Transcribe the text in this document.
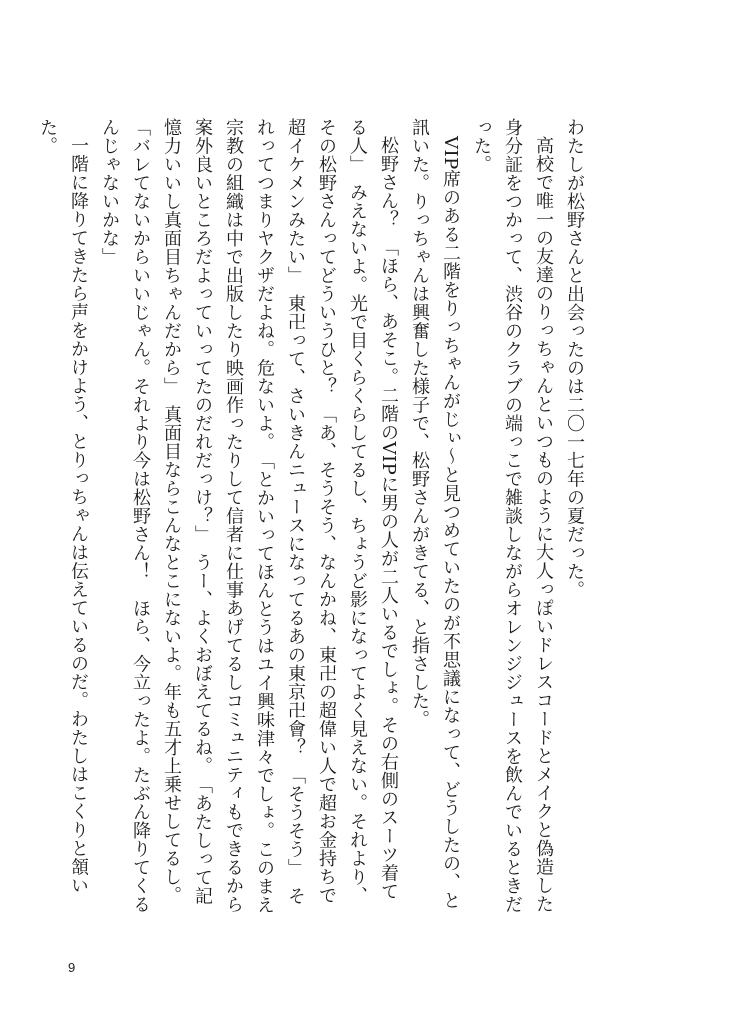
わたしが松野さんと出会ったのは二〇一七年の夏だった。

高校で唯一の友達のりっちゃんといつものように大人っぽいドレスコードとメイクと偽造した身分証をつかって、渋谷のクラブの端っこで雑談しながらオレンジジュースを飲んでいるときだった。

VIP席のある二階をりっちゃんがじぃ〜と見つめていたのが不思議になって、どうしたの、と訊いた。りっちゃんは興奮した様子で、松野さんがきてる、と指さした。

松野さん？　「ほら、あそこ。二階のVIPに男の人が二人いるでしょ。その右側のスーツ着てる人」　みえないよ。光で目くらくらしてるし、ちょうど影になってよく見えない。それより、その松野さんってどういうひと？　「あ、そうそう、なんかね、東卍の超偉い人で超お金持ちで超イケメンみたい」　東卍って、さいきんニュースになってるあの東京卍會？　「そうそう」　それってつまりヤクザだよね。危ないよ。　「とかいってほんとうはユイ興味津々でしょ。このまえ宗教の組織は中で出版したり映画作ったりして信者に仕事あげてるしコミュニティもできるから案外良いところだよっていってたのだれだっけ？」　うー、よくおぼえてるね。　「あたしって記憶力いいし真面目ちゃんだから」　真面目ならこんなとこにないよ。年も五才上乗せしてるし。「バレてないからいいじゃん。それより今は松野さん！　ほら、今立ったよ。たぶん降りてくるんじゃないかな」

一階に降りてきたら声をかけよう、とりっちゃんは伝えているのだ。わたしはこくりと頷いた。

9
